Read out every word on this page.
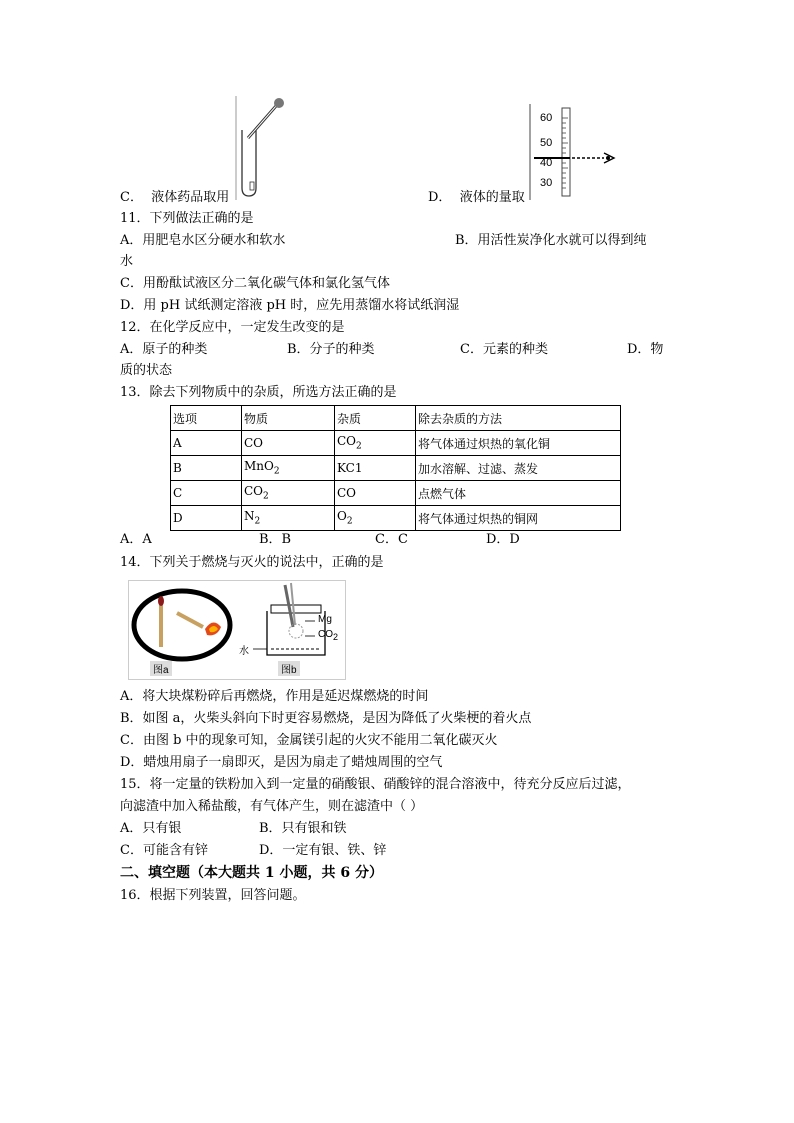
C． 液体药品取用	D． 液体的量取
60
50
40
30
11．下列做法正确的是
A．用肥皂水区分硬水和软水	B．用活性炭净化水就可以得到纯
水
C．用酚酞试液区分二氧化碳气体和氯化氢气体
D．用 pH 试纸测定溶液 pH 时，应先用蒸馏水将试纸润湿
12．在化学反应中，一定发生改变的是
A．原子的种类	B．分子的种类	C．元素的种类	D．物
质的状态
13．除去下列物质中的杂质，所选方法正确的是
选项	物质	杂质	除去杂质的方法
A	CO	$CO_2$	将气体通过炽热的氧化铜
B	MnO$_2$	KC1	加水溶解、过滤、蒸发
C	$CO_2$	CO	点燃气体
D	$N_2$	$O_2$	将气体通过炽热的铜网
A．A	B．B	C．C	D．D
14．下列关于燃烧与灭火的说法中，正确的是
图a	图b
Mg
$CO_2$
水
A．将大块煤粉碎后再燃烧，作用是延迟煤燃烧的时间
B．如图 a，火柴头斜向下时更容易燃烧，是因为降低了火柴梗的着火点
C．由图 b 中的现象可知，金属镁引起的火灾不能用二氧化碳灭火
D．蜡烛用扇子一扇即灭，是因为扇走了蜡烛周围的空气
15．将一定量的铁粉加入到一定量的硝酸银、硝酸锌的混合溶液中，待充分反应后过滤，
向滤渣中加入稀盐酸，有气体产生，则在滤渣中（ ）
A．只有银	B．只有银和铁
C．可能含有锌	D．一定有银、铁、锌
二、填空题（本大题共 1 小题，共 6 分）
16．根据下列装置，回答问题。
